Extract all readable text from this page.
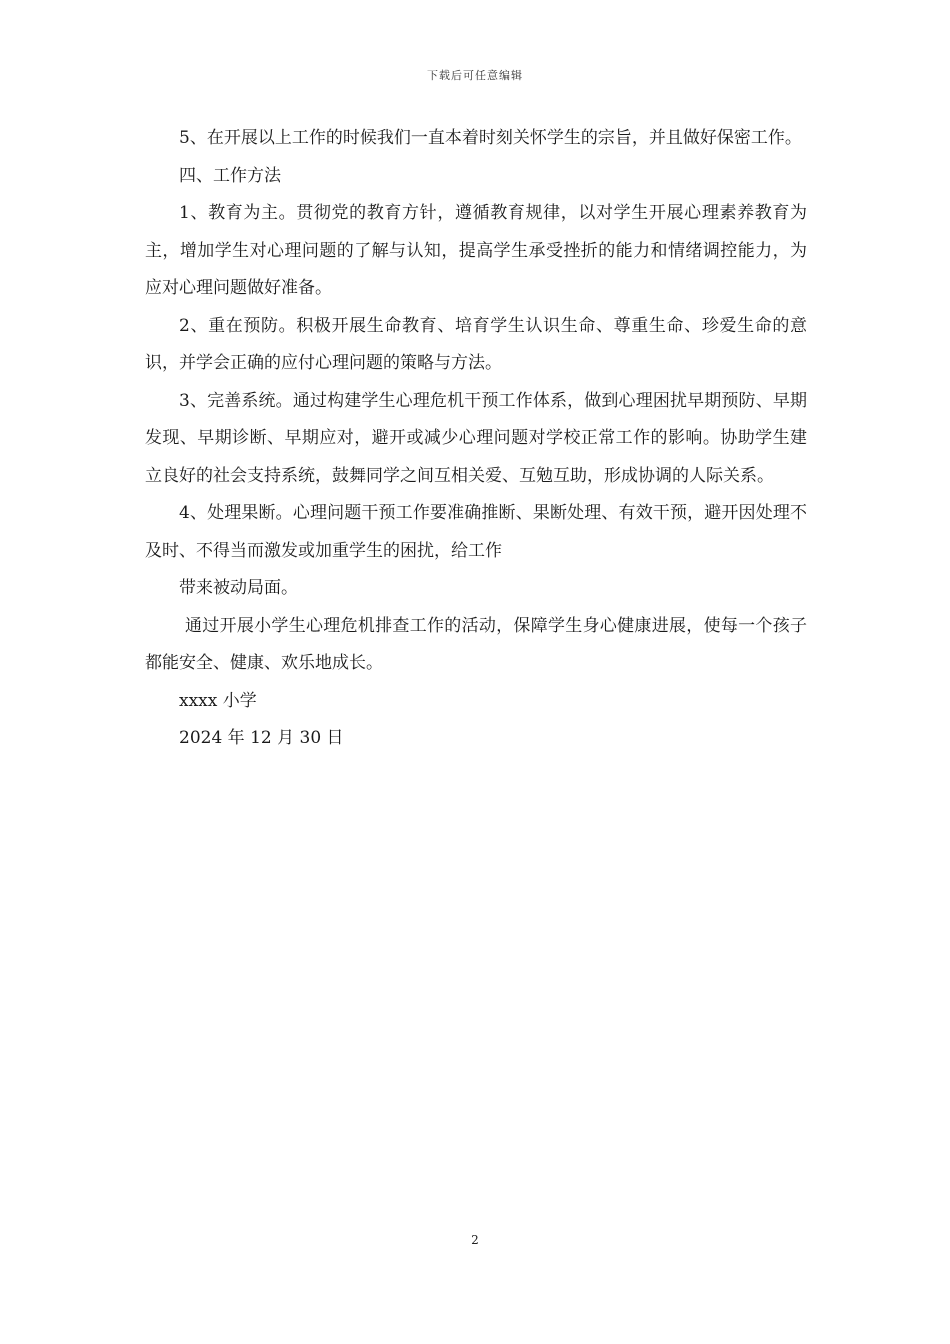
下载后可任意编辑

5、在开展以上工作的时候我们一直本着时刻关怀学生的宗旨，并且做好保密工作。

四、工作方法

1、教育为主。贯彻党的教育方针，遵循教育规律，以对学生开展心理素养教育为主，增加学生对心理问题的了解与认知，提高学生承受挫折的能力和情绪调控能力，为应对心理问题做好准备。

2、重在预防。积极开展生命教育、培育学生认识生命、尊重生命、珍爱生命的意识，并学会正确的应付心理问题的策略与方法。

3、完善系统。通过构建学生心理危机干预工作体系，做到心理困扰早期预防、早期发现、早期诊断、早期应对，避开或减少心理问题对学校正常工作的影响。协助学生建立良好的社会支持系统，鼓舞同学之间互相关爱、互勉互助，形成协调的人际关系。

4、处理果断。心理问题干预工作要准确推断、果断处理、有效干预，避开因处理不及时、不得当而激发或加重学生的困扰，给工作

带来被动局面。

通过开展小学生心理危机排查工作的活动，保障学生身心健康进展，使每一个孩子都能安全、健康、欢乐地成长。

xxxx 小学

2024 年 12 月 30 日

2
